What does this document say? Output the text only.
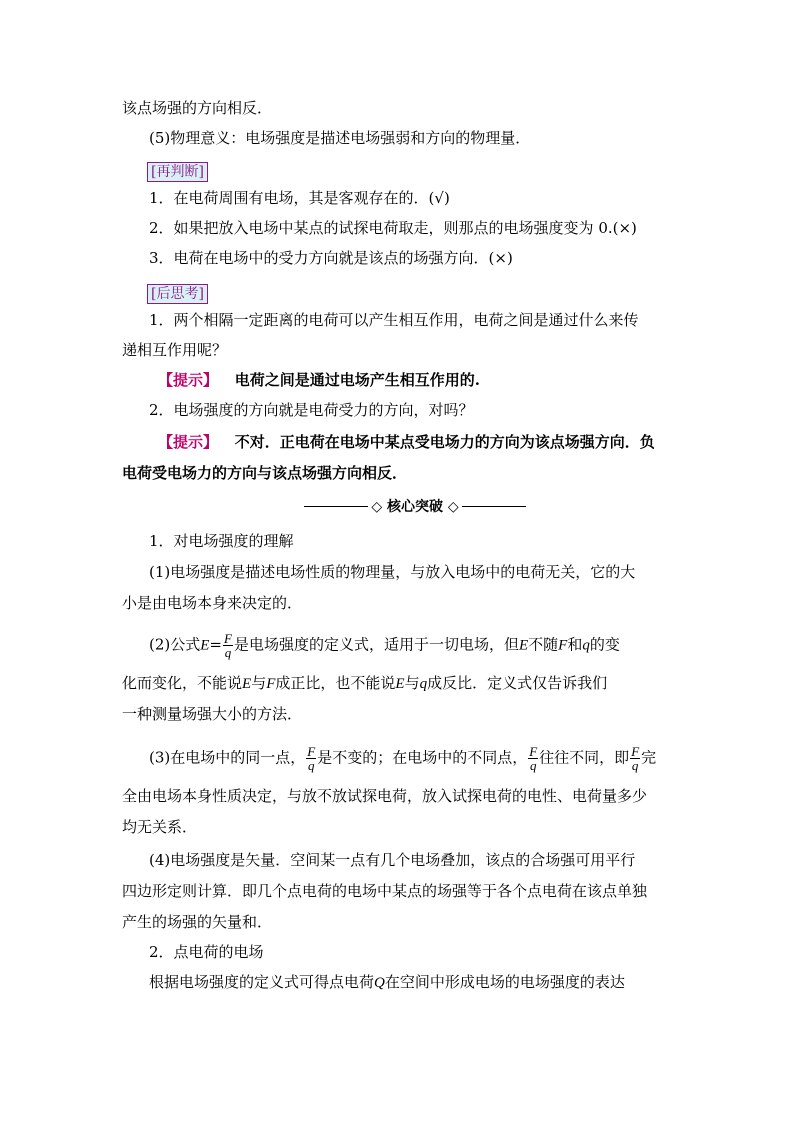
该点场强的方向相反．
(5)物理意义：电场强度是描述电场强弱和方向的物理量．
[再判断]
1．在电荷周围有电场，其是客观存在的．(√)
2．如果把放入电场中某点的试探电荷取走，则那点的电场强度变为 0.(×)
3．电荷在电场中的受力方向就是该点的场强方向．(×)
[后思考]
1．两个相隔一定距离的电荷可以产生相互作用，电荷之间是通过什么来传
递相互作用呢？
【提示】 电荷之间是通过电场产生相互作用的.
2．电场强度的方向就是电荷受力的方向，对吗？
【提示】 不对．正电荷在电场中某点受电场力的方向为该点场强方向．负
电荷受电场力的方向与该点场强方向相反．
◇ 核心突破 ◇
1．对电场强度的理解
(1)电场强度是描述电场性质的物理量，与放入电场中的电荷无关，它的大
小是由电场本身来决定的．
(2)公式$E= \frac{F}{q}$ 是电场强度的定义式，适用于一切电场，但E不随F和q的变
化而变化，不能说E与F成正比，也不能说E与q成反比．定义式仅告诉我们
一种测量场强大小的方法．
(3)在电场中的同一点， $\frac{F}{q}$ 是不变的；在电场中的不同点， $\frac{F}{q}$ 往往不同，即 $\frac{F}{q}$ 完
全由电场本身性质决定，与放不放试探电荷，放入试探电荷的电性、电荷量多少
均无关系．
(4)电场强度是矢量．空间某一点有几个电场叠加，该点的合场强可用平行
四边形定则计算．即几个点电荷的电场中某点的场强等于各个点电荷在该点单独
产生的场强的矢量和．
2．点电荷的电场
根据电场强度的定义式可得点电荷Q在空间中形成电场的电场强度的表达
